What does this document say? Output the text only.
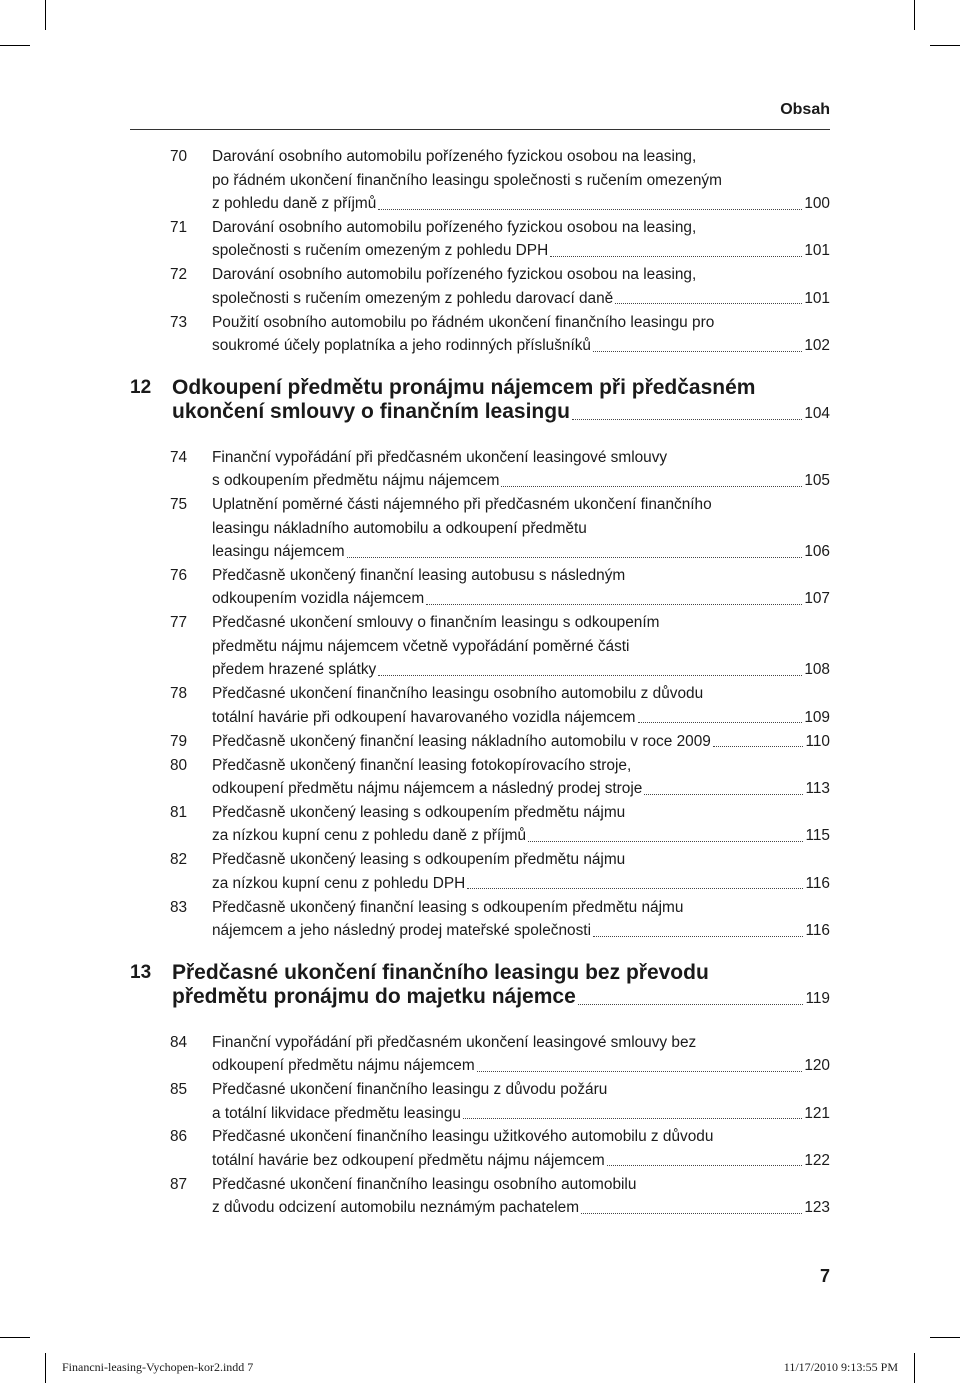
Obsah
70 Darování osobního automobilu pořízeného fyzickou osobou na leasing,
po řádném ukončení finančního leasingu společnosti s ručením omezeným
z pohledu daně z příjmů	100
71 Darování osobního automobilu pořízeného fyzickou osobou na leasing,
společnosti s ručením omezeným z pohledu DPH	101
72 Darování osobního automobilu pořízeného fyzickou osobou na leasing,
společnosti s ručením omezeným z pohledu darovací daně	101
73 Použití osobního automobilu po řádném ukončení finančního leasingu pro
soukromé účely poplatníka a jeho rodinných příslušníků	102
12 Odkoupení předmětu pronájmu nájemcem při předčasném
ukončení smlouvy o finančním leasingu	104
74 Finanční vypořádání při předčasném ukončení leasingové smlouvy
s odkoupením předmětu nájmu nájemcem	105
75 Uplatnění poměrné části nájemného při předčasném ukončení finančního
leasingu nákladního automobilu a odkoupení předmětu
leasingu nájemcem	106
76 Předčasně ukončený finanční leasing autobusu s následným
odkoupením vozidla nájemcem	107
77 Předčasné ukončení smlouvy o finančním leasingu s odkoupením
předmětu nájmu nájemcem včetně vypořádání poměrné části
předem hrazené splátky	108
78 Předčasné ukončení finančního leasingu osobního automobilu z důvodu
totální havárie při odkoupení havarovaného vozidla nájemcem	109
79 Předčasně ukončený finanční leasing nákladního automobilu v roce 2009	110
80 Předčasně ukončený finanční leasing fotokopírovacího stroje,
odkoupení předmětu nájmu nájemcem a následný prodej stroje	113
81 Předčasně ukončený leasing s odkoupením předmětu nájmu
za nízkou kupní cenu z pohledu daně z příjmů	115
82 Předčasně ukončený leasing s odkoupením předmětu nájmu
za nízkou kupní cenu z pohledu DPH	116
83 Předčasně ukončený finanční leasing s odkoupením předmětu nájmu
nájemcem a jeho následný prodej mateřské společnosti	116
13 Předčasné ukončení finančního leasingu bez převodu
předmětu pronájmu do majetku nájemce	119
84 Finanční vypořádání při předčasném ukončení leasingové smlouvy bez
odkoupení předmětu nájmu nájemcem	120
85 Předčasné ukončení finančního leasingu z důvodu požáru
a totální likvidace předmětu leasingu	121
86 Předčasné ukončení finančního leasingu užitkového automobilu z důvodu
totální havárie bez odkoupení předmětu nájmu nájemcem	122
87 Předčasné ukončení finančního leasingu osobního automobilu
z důvodu odcizení automobilu neznámým pachatelem	123
7
Financni-leasing-Vychopen-kor2.indd 7	11/17/2010 9:13:55 PM
